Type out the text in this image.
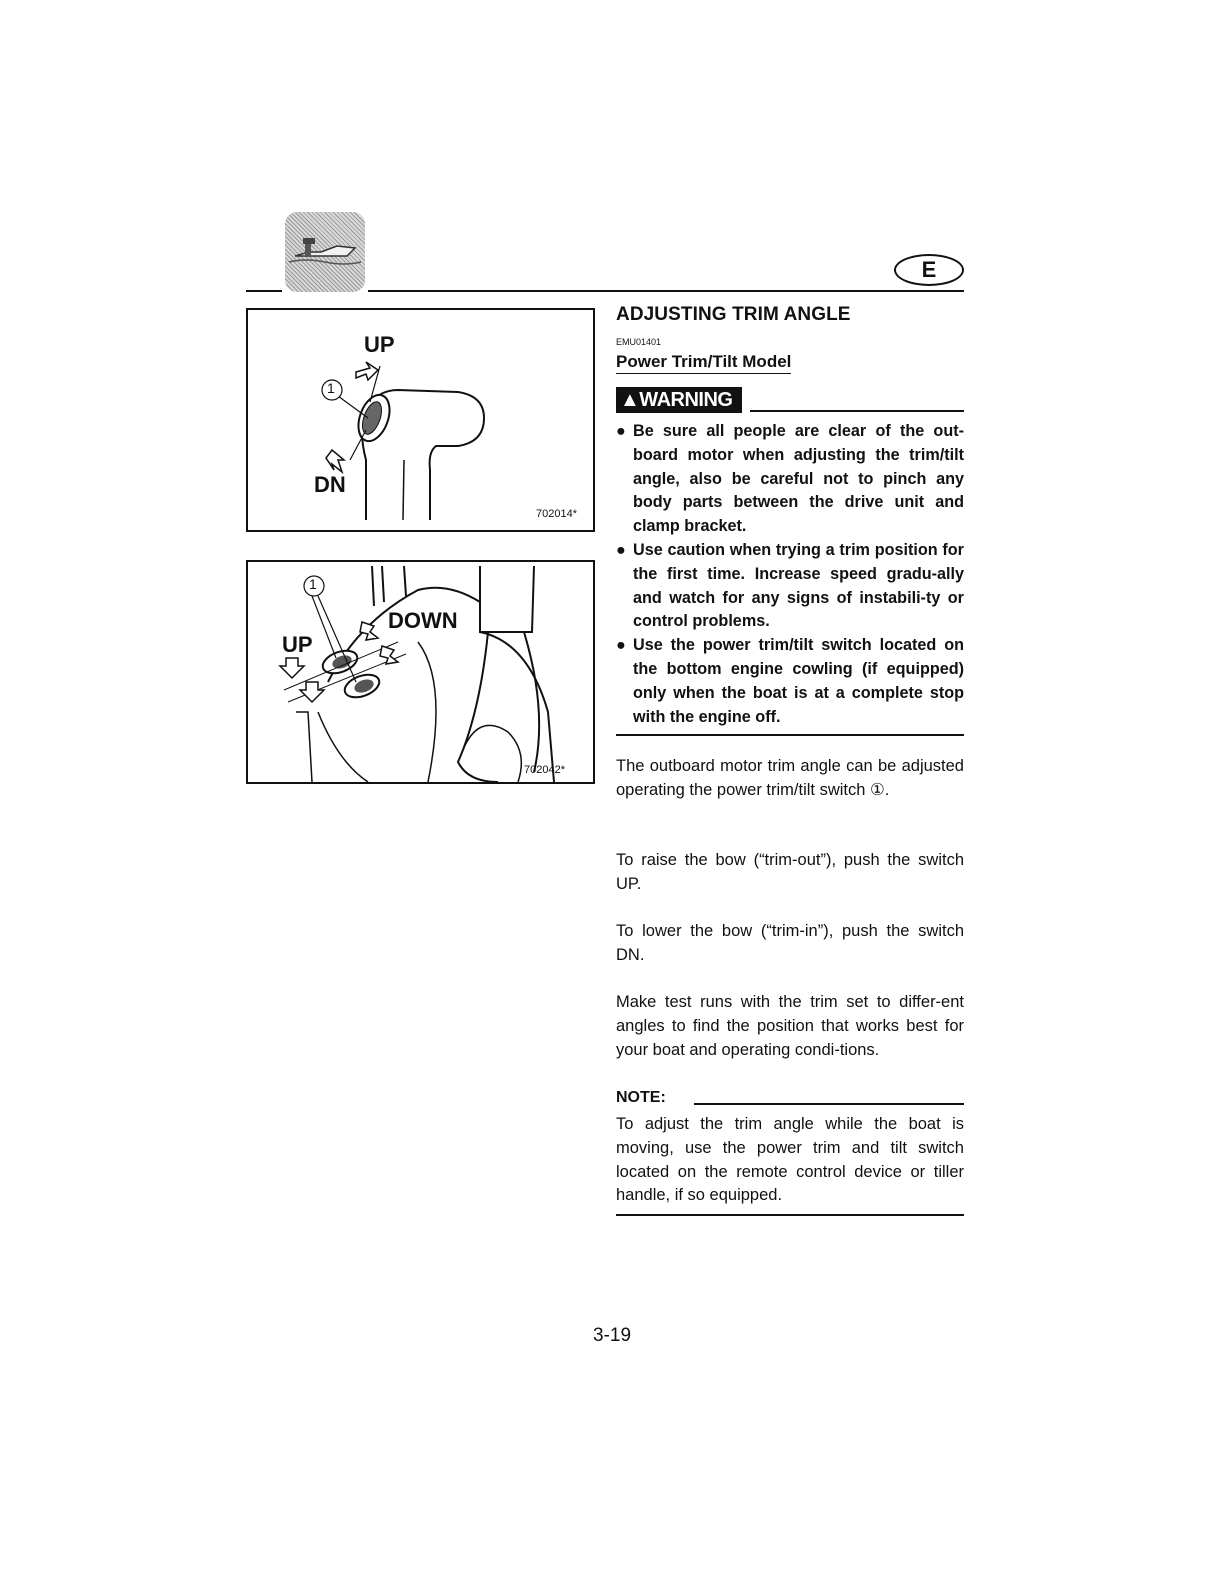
E
UP
DN
1
702014*
UP
DOWN
1
702042*
ADJUSTING TRIM ANGLE
EMU01401
Power Trim/Tilt Model
▲WARNING
● Be sure all people are clear of the out-board motor when adjusting the trim/tilt angle, also be careful not to pinch any body parts between the drive unit and clamp bracket.
● Use caution when trying a trim position for the first time. Increase speed gradu-ally and watch for any signs of instabili-ty or control problems.
● Use the power trim/tilt switch located on the bottom engine cowling (if equipped) only when the boat is at a complete stop with the engine off.
The outboard motor trim angle can be adjusted operating the power trim/tilt switch ①.
To raise the bow (“trim-out”), push the switch UP.
To lower the bow (“trim-in”), push the switch DN.
Make test runs with the trim set to differ-ent angles to find the position that works best for your boat and operating condi-tions.
NOTE:
To adjust the trim angle while the boat is moving, use the power trim and tilt switch located on the remote control device or tiller handle, if so equipped.
3-19
